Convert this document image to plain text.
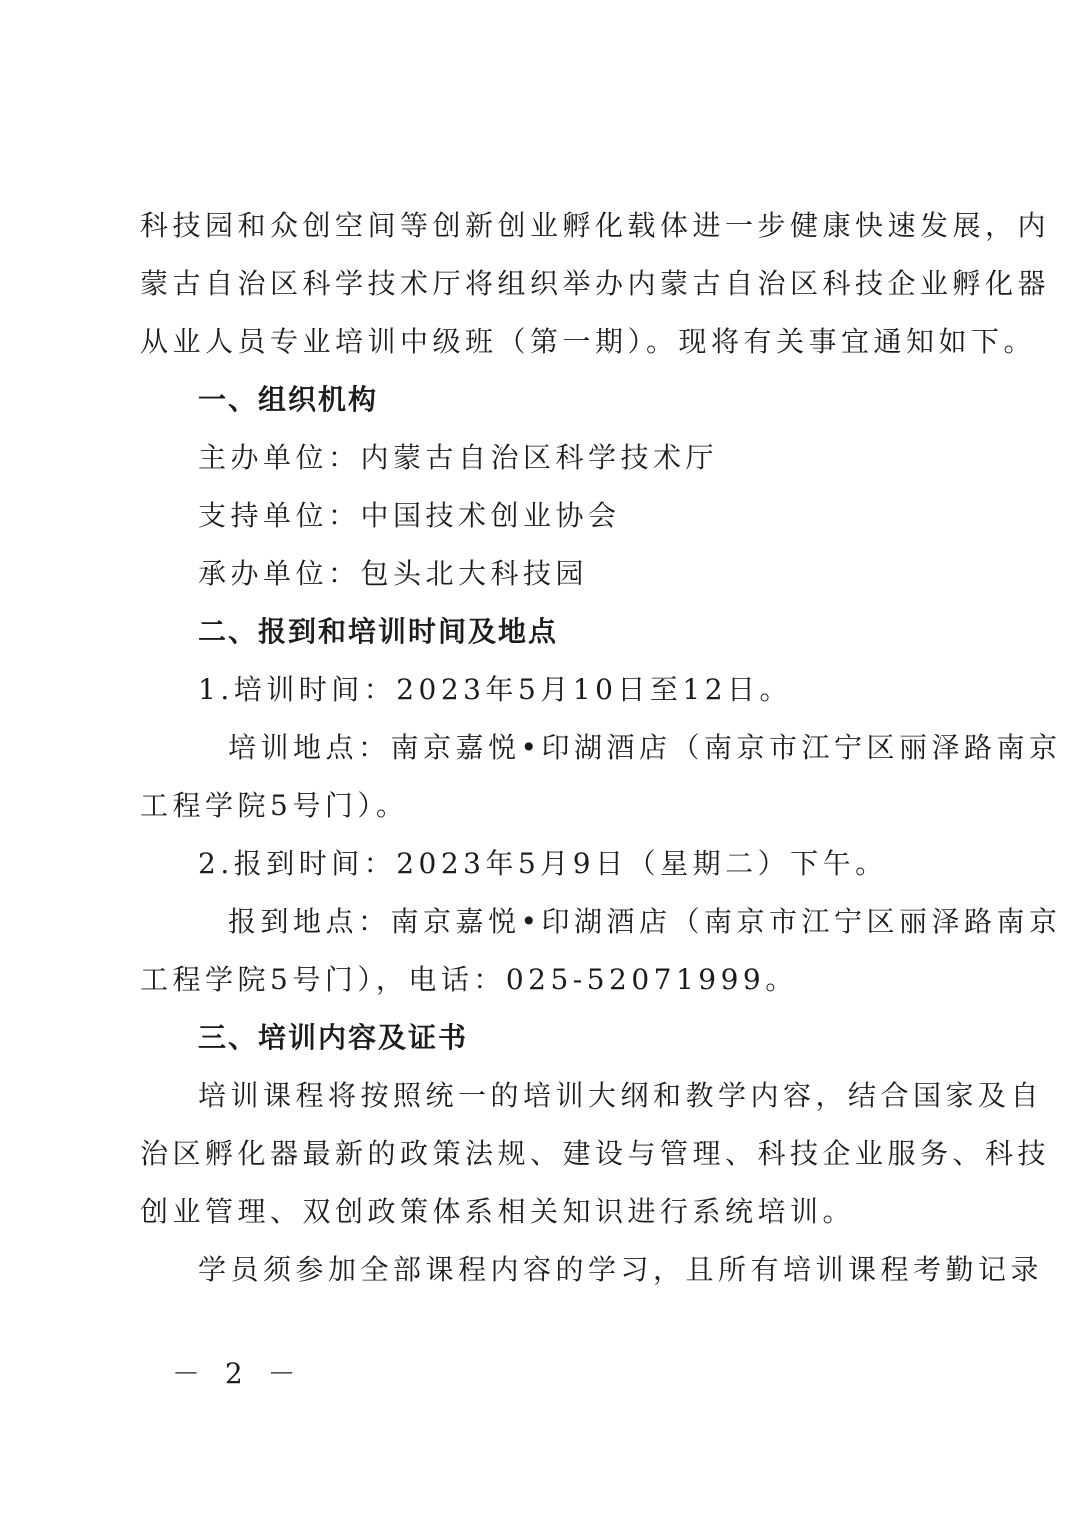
科技园和众创空间等创新创业孵化载体进一步健康快速发展，内
蒙古自治区科学技术厅将组织举办内蒙古自治区科技企业孵化器
从业人员专业培训中级班（第一期）。现将有关事宜通知如下。
一、组织机构
主办单位：内蒙古自治区科学技术厅
支持单位：中国技术创业协会
承办单位：包头北大科技园
二、报到和培训时间及地点
1.培训时间：2023年5月10日至12日。
培训地点：南京嘉悦•印湖酒店（南京市江宁区丽泽路南京
工程学院5号门）。
2.报到时间：2023年5月9日（星期二）下午。
报到地点：南京嘉悦•印湖酒店（南京市江宁区丽泽路南京
工程学院5号门），电话：025-52071999。
三、培训内容及证书
培训课程将按照统一的培训大纲和教学内容，结合国家及自
治区孵化器最新的政策法规、建设与管理、科技企业服务、科技
创业管理、双创政策体系相关知识进行系统培训。
学员须参加全部课程内容的学习，且所有培训课程考勤记录
－ 2 －
